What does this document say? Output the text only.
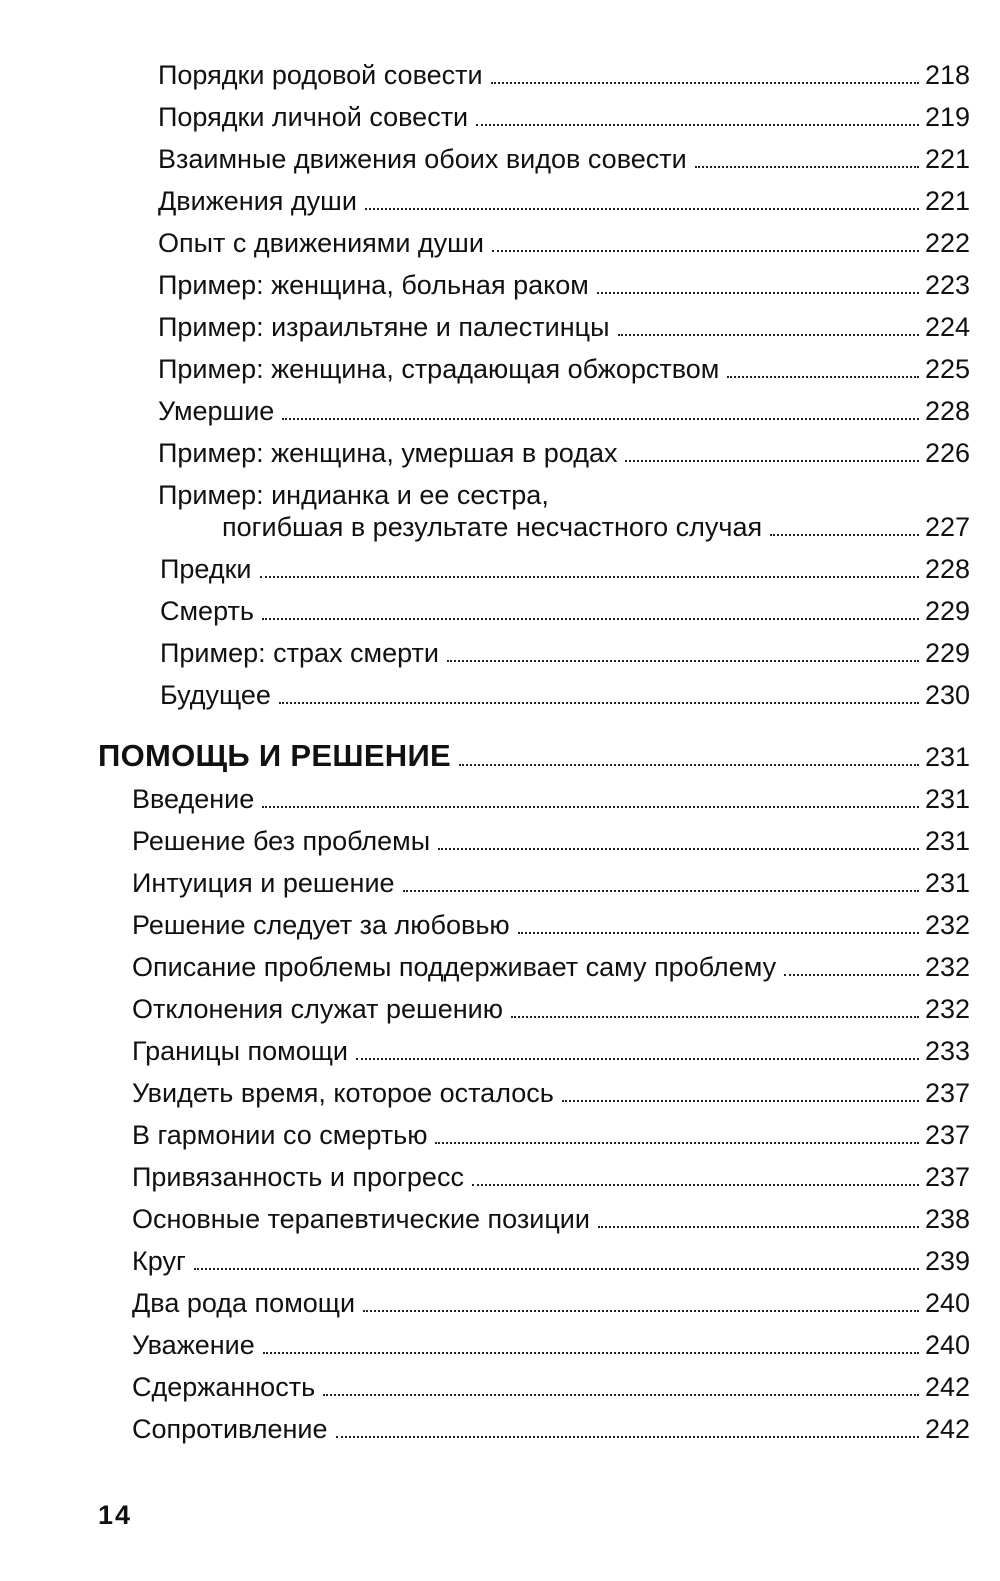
Порядки родовой совести	218
Порядки личной совести	219
Взаимные движения обоих видов совести	221
Движения души	221
Опыт с движениями души	222
Пример: женщина, больная раком	223
Пример: израильтяне и палестинцы	224
Пример: женщина, страдающая обжорством	225
Умершие	228
Пример: женщина, умершая в родах	226
Пример: индианка и ее сестра,
погибшая в результате несчастного случая	227
Предки	228
Смерть	229
Пример: страх смерти	229
Будущее	230
ПОМОЩЬ И РЕШЕНИЕ	231
Введение	231
Решение без проблемы	231
Интуиция и решение	231
Решение следует за любовью	232
Описание проблемы поддерживает саму проблему	232
Отклонения служат решению	232
Границы помощи	233
Увидеть время, которое осталось	237
В гармонии со смертью	237
Привязанность и прогресс	237
Основные терапевтические позиции	238
Круг	239
Два рода помощи	240
Уважение	240
Сдержанность	242
Сопротивление	242
14
